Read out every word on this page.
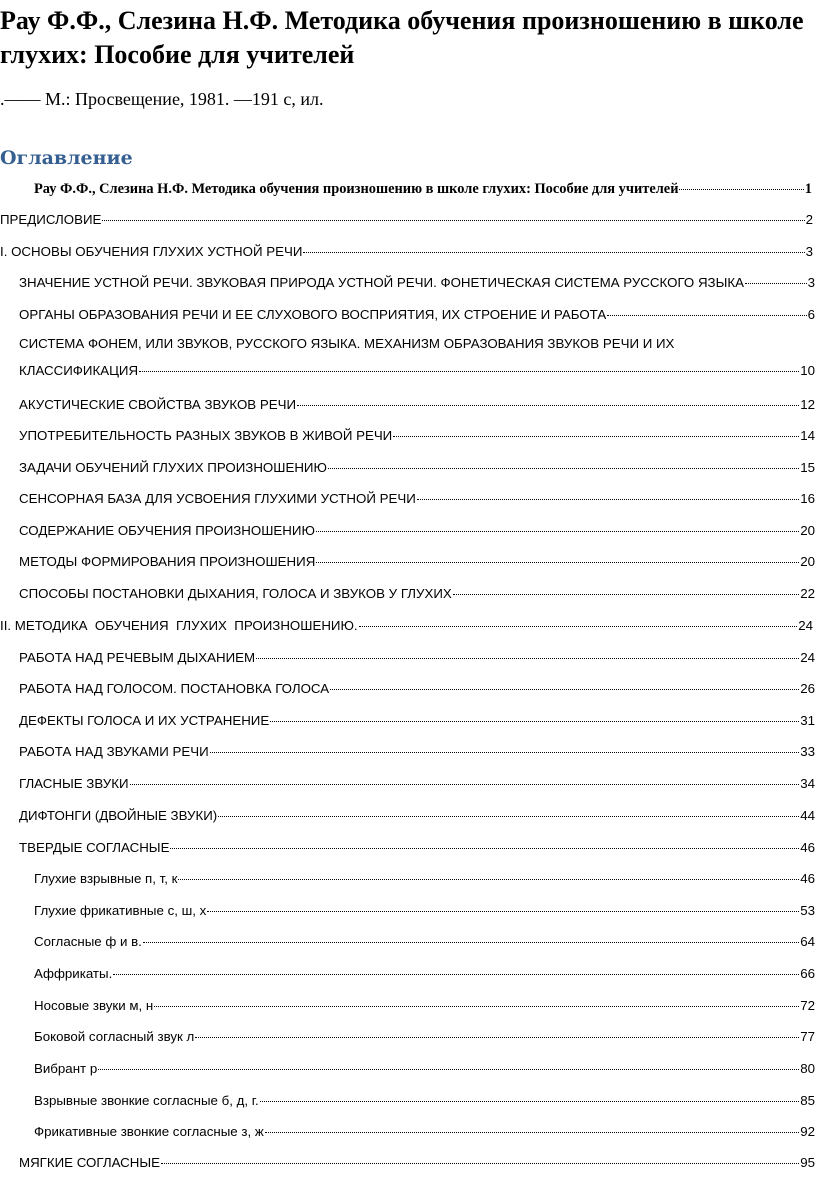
Рау Ф.Ф., Слезина Н.Ф. Методика обучения произношению в школе глухих: Пособие для учителей

.—— М.: Просвещение, 1981. —191 с, ил.

Оглавление
Рау Ф.Ф., Слезина Н.Ф. Методика обучения произношению в школе глухих: Пособие для учителей	1
ПРЕДИСЛОВИЕ	2
I. ОСНОВЫ ОБУЧЕНИЯ ГЛУХИХ УСТНОЙ РЕЧИ	3
ЗНАЧЕНИЕ УСТНОЙ РЕЧИ. ЗВУКОВАЯ ПРИРОДА УСТНОЙ РЕЧИ. ФОНЕТИЧЕСКАЯ СИСТЕМА РУССКОГО ЯЗЫКА	3
ОРГАНЫ ОБРАЗОВАНИЯ РЕЧИ И ЕЕ СЛУХОВОГО ВОСПРИЯТИЯ, ИХ СТРОЕНИЕ И РАБОТА	6
СИСТЕМА ФОНЕМ, ИЛИ ЗВУКОВ, РУССКОГО ЯЗЫКА. МЕХАНИЗМ ОБРАЗОВАНИЯ ЗВУКОВ РЕЧИ И ИХ
КЛАССИФИКАЦИЯ	10
АКУСТИЧЕСКИЕ СВОЙСТВА ЗВУКОВ РЕЧИ	12
УПОТРЕБИТЕЛЬНОСТЬ РАЗНЫХ ЗВУКОВ В ЖИВОЙ РЕЧИ	14
ЗАДАЧИ ОБУЧЕНИЙ ГЛУХИХ ПРОИЗНОШЕНИЮ	15
СЕНСОРНАЯ БАЗА ДЛЯ УСВОЕНИЯ ГЛУХИМИ УСТНОЙ РЕЧИ	16
СОДЕРЖАНИЕ ОБУЧЕНИЯ ПРОИЗНОШЕНИЮ	20
МЕТОДЫ ФОРМИРОВАНИЯ ПРОИЗНОШЕНИЯ	20
СПОСОБЫ ПОСТАНОВКИ ДЫХАНИЯ, ГОЛОСА И ЗВУКОВ У ГЛУХИХ	22
II. МЕТОДИКА  ОБУЧЕНИЯ  ГЛУХИХ  ПРОИЗНОШЕНИЮ.	24
РАБОТА НАД РЕЧЕВЫМ ДЫХАНИЕМ	24
РАБОТА НАД ГОЛОСОМ. ПОСТАНОВКА ГОЛОСА	26
ДЕФЕКТЫ ГОЛОСА И ИХ УСТРАНЕНИЕ	31
РАБОТА НАД ЗВУКАМИ РЕЧИ	33
ГЛАСНЫЕ ЗВУКИ	34
ДИФТОНГИ (ДВОЙНЫЕ ЗВУКИ)	44
ТВЕРДЫЕ СОГЛАСНЫЕ	46
Глухие взрывные п, т, к	46
Глухие фрикативные с, ш, х	53
Согласные ф и в.	64
Аффрикаты.	66
Носовые звуки м, н	72
Боковой согласный звук л	77
Вибрант р	80
Взрывные звонкие согласные б, д, г.	85
Фрикативные звонкие согласные з, ж	92
МЯГКИЕ СОГЛАСНЫЕ	95
